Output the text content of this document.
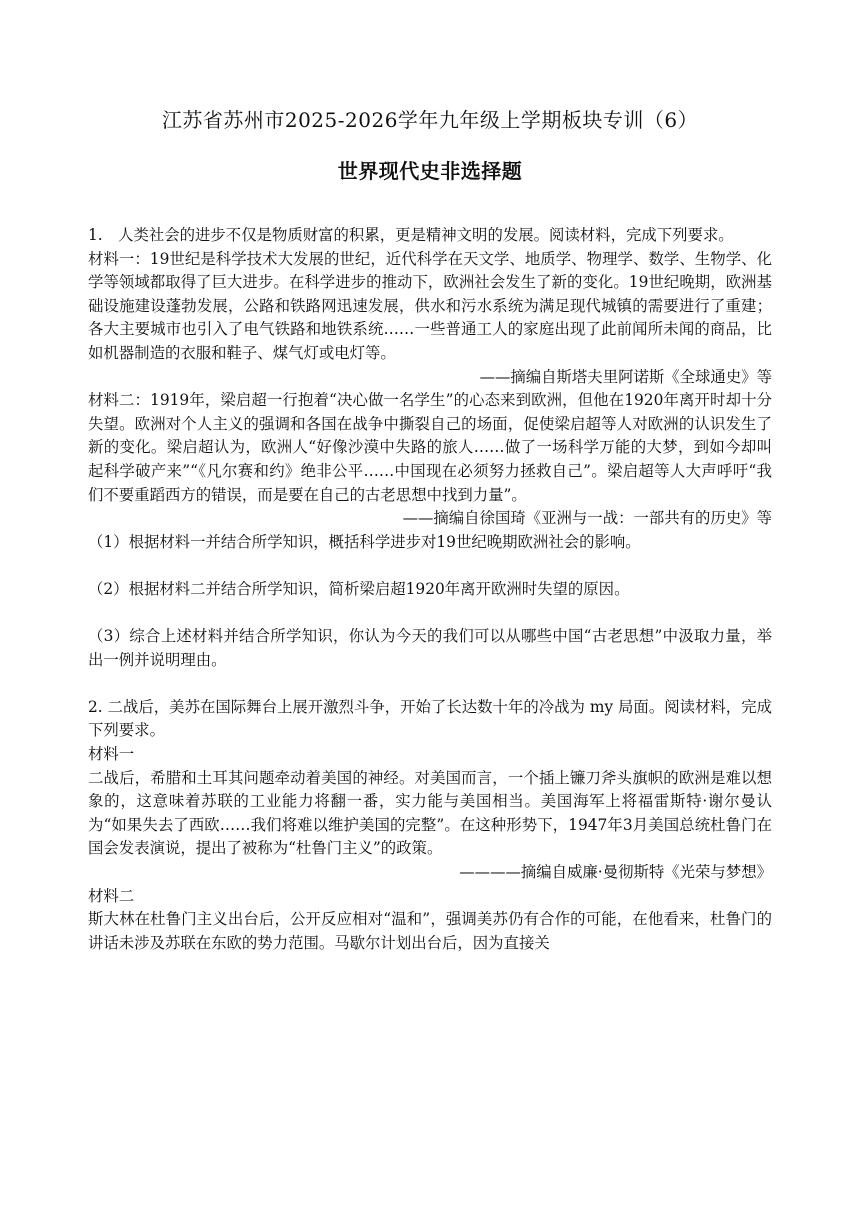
江苏省苏州市2025-2026学年九年级上学期板块专训（6）
世界现代史非选择题

1.　人类社会的进步不仅是物质财富的积累，更是精神文明的发展。阅读材料，完成下列要求。

材料一：19世纪是科学技术大发展的世纪，近代科学在天文学、地质学、物理学、数学、生物学、化学等领域都取得了巨大进步。在科学进步的推动下，欧洲社会发生了新的变化。19世纪晚期，欧洲基础设施建设蓬勃发展，公路和铁路网迅速发展，供水和污水系统为满足现代城镇的需要进行了重建；各大主要城市也引入了电气铁路和地铁系统……一些普通工人的家庭出现了此前闻所未闻的商品，比如机器制造的衣服和鞋子、煤气灯或电灯等。

——摘编自斯塔夫里阿诺斯《全球通史》等

材料二：1919年，梁启超一行抱着“决心做一名学生”的心态来到欧洲，但他在1920年离开时却十分失望。欧洲对个人主义的强调和各国在战争中撕裂自己的场面，促使梁启超等人对欧洲的认识发生了新的变化。梁启超认为，欧洲人“好像沙漠中失路的旅人……做了一场科学万能的大梦，到如今却叫起科学破产来”“《凡尔赛和约》绝非公平……中国现在必须努力拯救自己”。梁启超等人大声呼吁“我们不要重蹈西方的错误，而是要在自己的古老思想中找到力量”。

——摘编自徐国琦《亚洲与一战：一部共有的历史》等

（1）根据材料一并结合所学知识，概括科学进步对19世纪晚期欧洲社会的影响。

（2）根据材料二并结合所学知识，简析梁启超1920年离开欧洲时失望的原因。

（3）综合上述材料并结合所学知识，你认为今天的我们可以从哪些中国“古老思想”中汲取力量，举出一例并说明理由。

2. 二战后，美苏在国际舞台上展开激烈斗争，开始了长达数十年的冷战为 my 局面。阅读材料，完成下列要求。

材料一

二战后，希腊和土耳其问题牵动着美国的神经。对美国而言，一个插上镰刀斧头旗帜的欧洲是难以想象的，这意味着苏联的工业能力将翻一番，实力能与美国相当。美国海军上将福雷斯特·谢尔曼认为“如果失去了西欧……我们将难以维护美国的完整”。在这种形势下，1947年3月美国总统杜鲁门在国会发表演说，提出了被称为“杜鲁门主义”的政策。

————摘编自威廉·曼彻斯特《光荣与梦想》

材料二

斯大林在杜鲁门主义出台后，公开反应相对“温和”，强调美苏仍有合作的可能，在他看来，杜鲁门的讲话未涉及苏联在东欧的势力范围。马歇尔计划出台后，因为直接关
